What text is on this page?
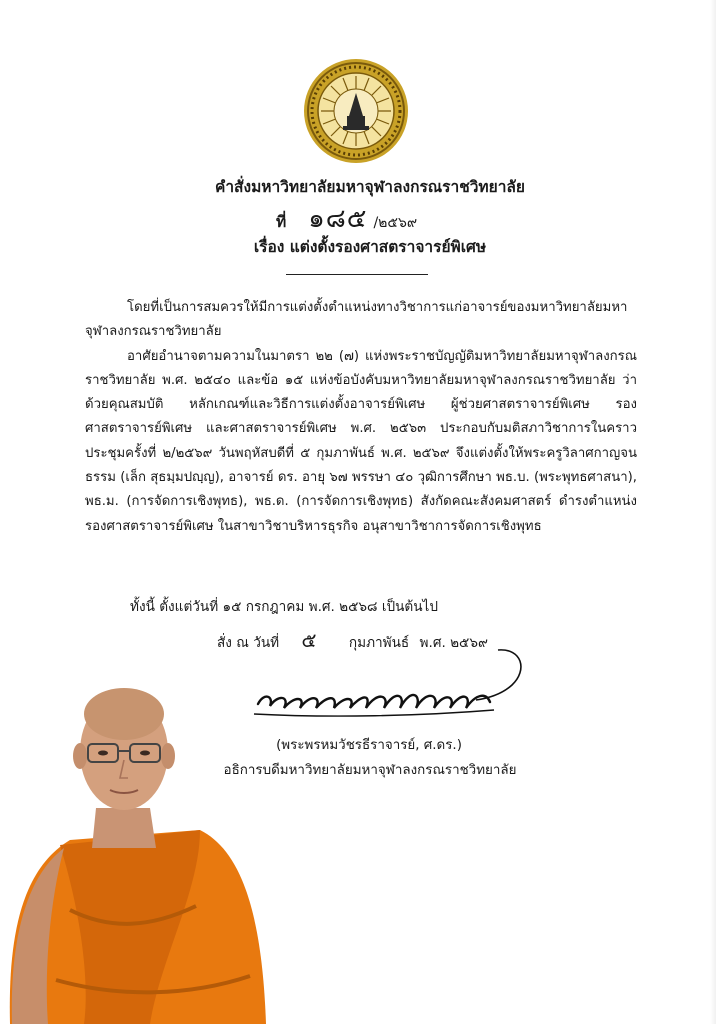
คำสั่งมหาวิทยาลัยมหาจุฬาลงกรณราชวิทยาลัย
ที่ ๑๘๕ /๒๕๖๙
เรื่อง แต่งตั้งรองศาสตราจารย์พิเศษ

โดยที่เป็นการสมควรให้มีการแต่งตั้งตำแหน่งทางวิชาการแก่อาจารย์ของมหาวิทยาลัยมหาจุฬาลงกรณราชวิทยาลัย

อาศัยอำนาจตามความในมาตรา ๒๒ (๗) แห่งพระราชบัญญัติมหาวิทยาลัยมหาจุฬาลงกรณราชวิทยาลัย พ.ศ. ๒๕๔๐ และข้อ ๑๕ แห่งข้อบังคับมหาวิทยาลัยมหาจุฬาลงกรณราชวิทยาลัย ว่าด้วยคุณสมบัติ หลักเกณฑ์และวิธีการแต่งตั้งอาจารย์พิเศษ ผู้ช่วยศาสตราจารย์พิเศษ รองศาสตราจารย์พิเศษ และศาสตราจารย์พิเศษ พ.ศ. ๒๕๖๓ ประกอบกับมติสภาวิชาการในคราวประชุมครั้งที่ ๒/๒๕๖๙ วันพฤหัสบดีที่ ๕ กุมภาพันธ์ พ.ศ. ๒๕๖๙ จึงแต่งตั้งให้พระครูวิลาศกาญจนธรรม (เล็ก สุธมฺมปญฺญ), อาจารย์ ดร. อายุ ๖๗ พรรษา ๔๐ วุฒิการศึกษา พธ.บ. (พระพุทธศาสนา), พธ.ม. (การจัดการเชิงพุทธ), พธ.ด. (การจัดการเชิงพุทธ) สังกัดคณะสังคมศาสตร์ ดำรงตำแหน่ง รองศาสตราจารย์พิเศษ ในสาขาวิชาบริหารธุรกิจ อนุสาขาวิชาการจัดการเชิงพุทธ

ทั้งนี้ ตั้งแต่วันที่ ๑๕ กรกฎาคม พ.ศ. ๒๕๖๘ เป็นต้นไป
สั่ง ณ วันที่ ๕ กุมภาพันธ์ พ.ศ. ๒๕๖๙
(พระพรหมวัชรธีราจารย์, ศ.ดร.)
อธิการบดีมหาวิทยาลัยมหาจุฬาลงกรณราชวิทยาลัย
